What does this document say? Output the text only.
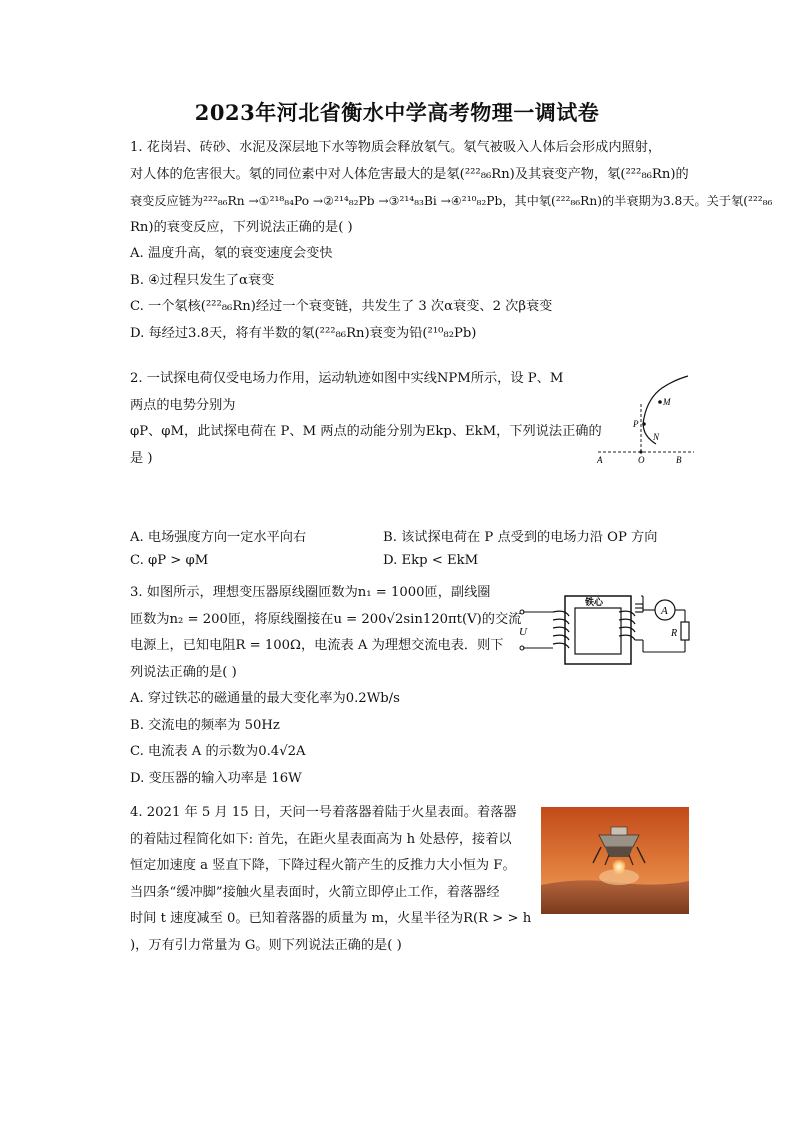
2023年河北省衡水中学高考物理一调试卷
1. 花岗岩、砖砂、水泥及深层地下水等物质会释放氡气。氡气被吸入人体后会形成内照射，
对人体的危害很大。氡的同位素中对人体危害最大的是氡(²²²₈₆Rn)及其衰变产物，氡(²²²₈₆Rn)的
衰变反应链为²²²₈₆Rn →①²¹⁸₈₄Po →②²¹⁴₈₂Pb →③²¹⁴₈₃Bi →④²¹⁰₈₂Pb，其中氡(²²²₈₆Rn)的半衰期为3.8天。关于氡(²²²₈₆
Rn)的衰变反应，下列说法正确的是( )
A. 温度升高，氡的衰变速度会变快
B. ④过程只发生了α衰变
C. 一个氡核(²²²₈₆Rn)经过一个衰变链，共发生了 3 次α衰变、2 次β衰变
D. 每经过3.8天，将有半数的氡(²²²₈₆Rn)衰变为铅(²¹⁰₈₂Pb)
2. 一试探电荷仅受电场力作用，运动轨迹如图中实线NPM所示，设 P、M
两点的电势分别为
φP、φM，此试探电荷在 P、M 两点的动能分别为Ekp、EkM，下列说法正确的
是 )
M
P
N
A	O	B
A. 电场强度方向一定水平向右	B. 该试探电荷在 P 点受到的电场力沿 OP 方向
C. φP > φM	D. Ekp < EkM
3. 如图所示，理想变压器原线圈匝数为n₁ = 1000匝，副线圈
匝数为n₂ = 200匝，将原线圈接在u = 200√2sin120πt(V)的交流
电源上，已知电阻R = 100Ω，电流表 A 为理想交流电表．则下
列说法正确的是( )
A. 穿过铁芯的磁通量的最大变化率为0.2Wb/s
B. 交流电的频率为 50Hz
C. 电流表 A 的示数为0.4√2A
D. 变压器的输入功率是 16W
铁心
U
A
R
4. 2021 年 5 月 15 日，天问一号着落器着陆于火星表面。着落器
的着陆过程简化如下: 首先，在距火星表面高为 h 处悬停，接着以
恒定加速度 a 竖直下降，下降过程火箭产生的反推力大小恒为 F。
当四条“缓冲脚”接触火星表面时，火箭立即停止工作，着落器经
时间 t 速度减至 0。已知着落器的质量为 m，火星半径为R(R > > h
)，万有引力常量为 G。则下列说法正确的是( )
